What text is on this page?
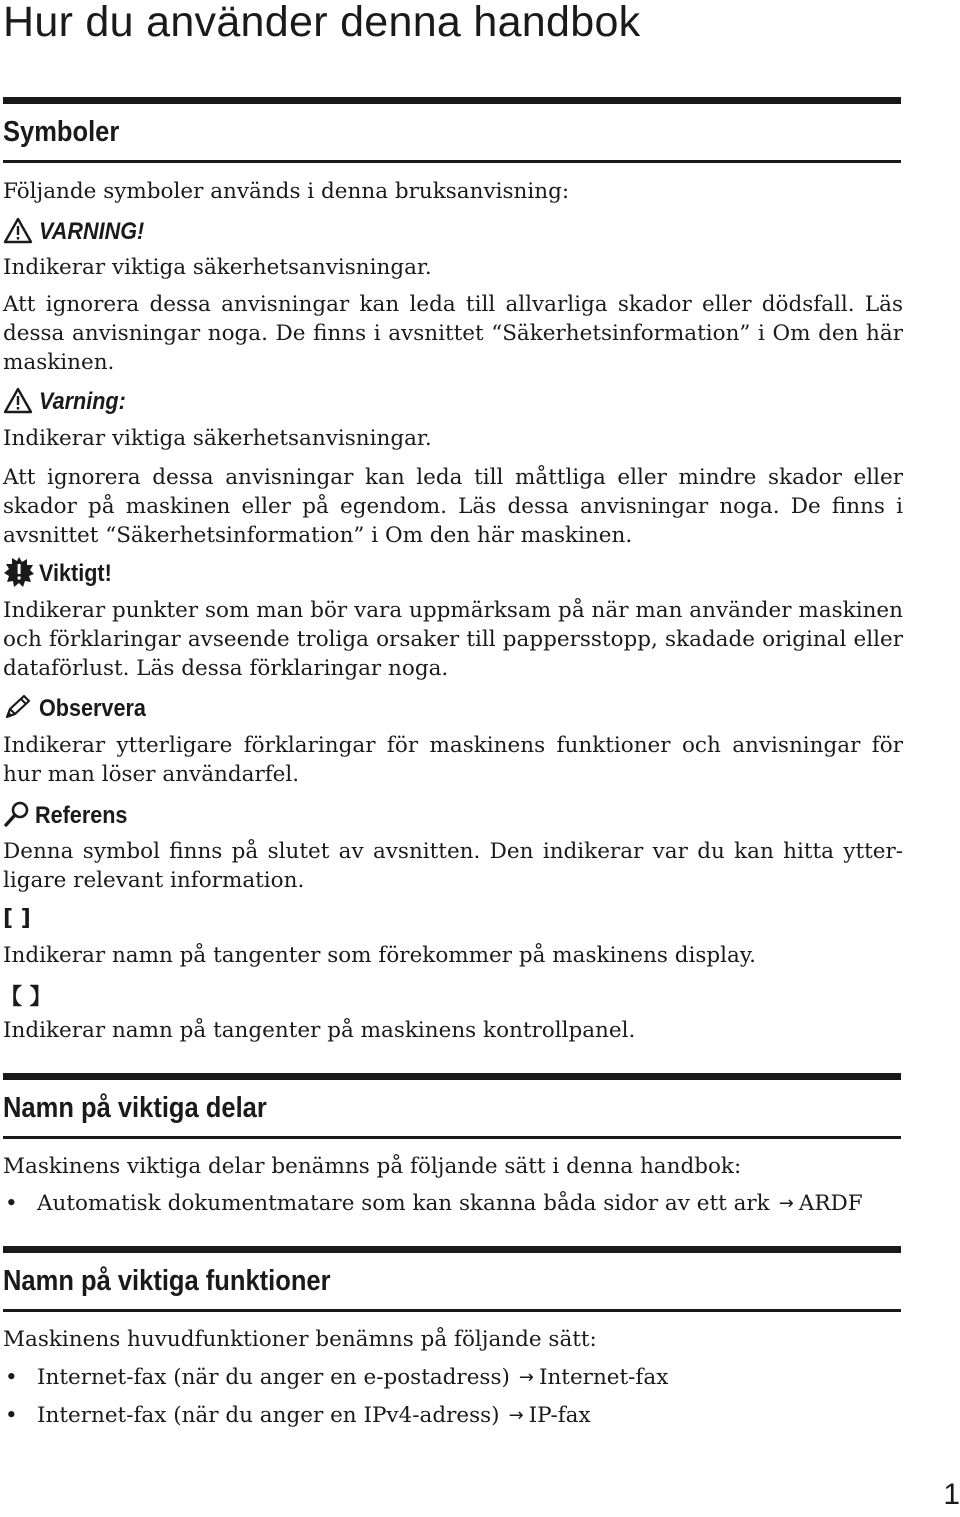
Hur du använder denna handbok
Symboler

Följande symboler används i denna bruksanvisning:

VARNING!

Indikerar viktiga säkerhetsanvisningar.

Att ignorera dessa anvisningar kan leda till allvarliga skador eller dödsfall. Läs dessa anvisningar noga. De finns i avsnittet “Säkerhetsinformation” i Om den här maskinen.

Varning:

Indikerar viktiga säkerhetsanvisningar.

Att ignorera dessa anvisningar kan leda till måttliga eller mindre skador eller skador på maskinen eller på egendom. Läs dessa anvisningar noga. De finns i avsnittet “Säkerhetsinformation” i Om den här maskinen.

Viktigt!

Indikerar punkter som man bör vara uppmärksam på när man använder maskinen och förklaringar avseende troliga orsaker till pappersstopp, skadade original eller dataförlust. Läs dessa förklaringar noga.

Observera

Indikerar ytterligare förklaringar för maskinens funktioner och anvisningar för hur man löser användarfel.

Referens

Denna symbol finns på slutet av avsnitten. Den indikerar var du kan hitta ytterligare relevant information.

[ ]

Indikerar namn på tangenter som förekommer på maskinens display.

【 】

Indikerar namn på tangenter på maskinens kontrollpanel.

Namn på viktiga delar

Maskinens viktiga delar benämns på följande sätt i denna handbok:

• Automatisk dokumentmatare som kan skanna båda sidor av ett ark → ARDF
Namn på viktiga funktioner

Maskinens huvudfunktioner benämns på följande sätt:

• Internet-fax (när du anger en e-postadress) → Internet-fax
• Internet-fax (när du anger en IPv4-adress) → IP-fax
1
